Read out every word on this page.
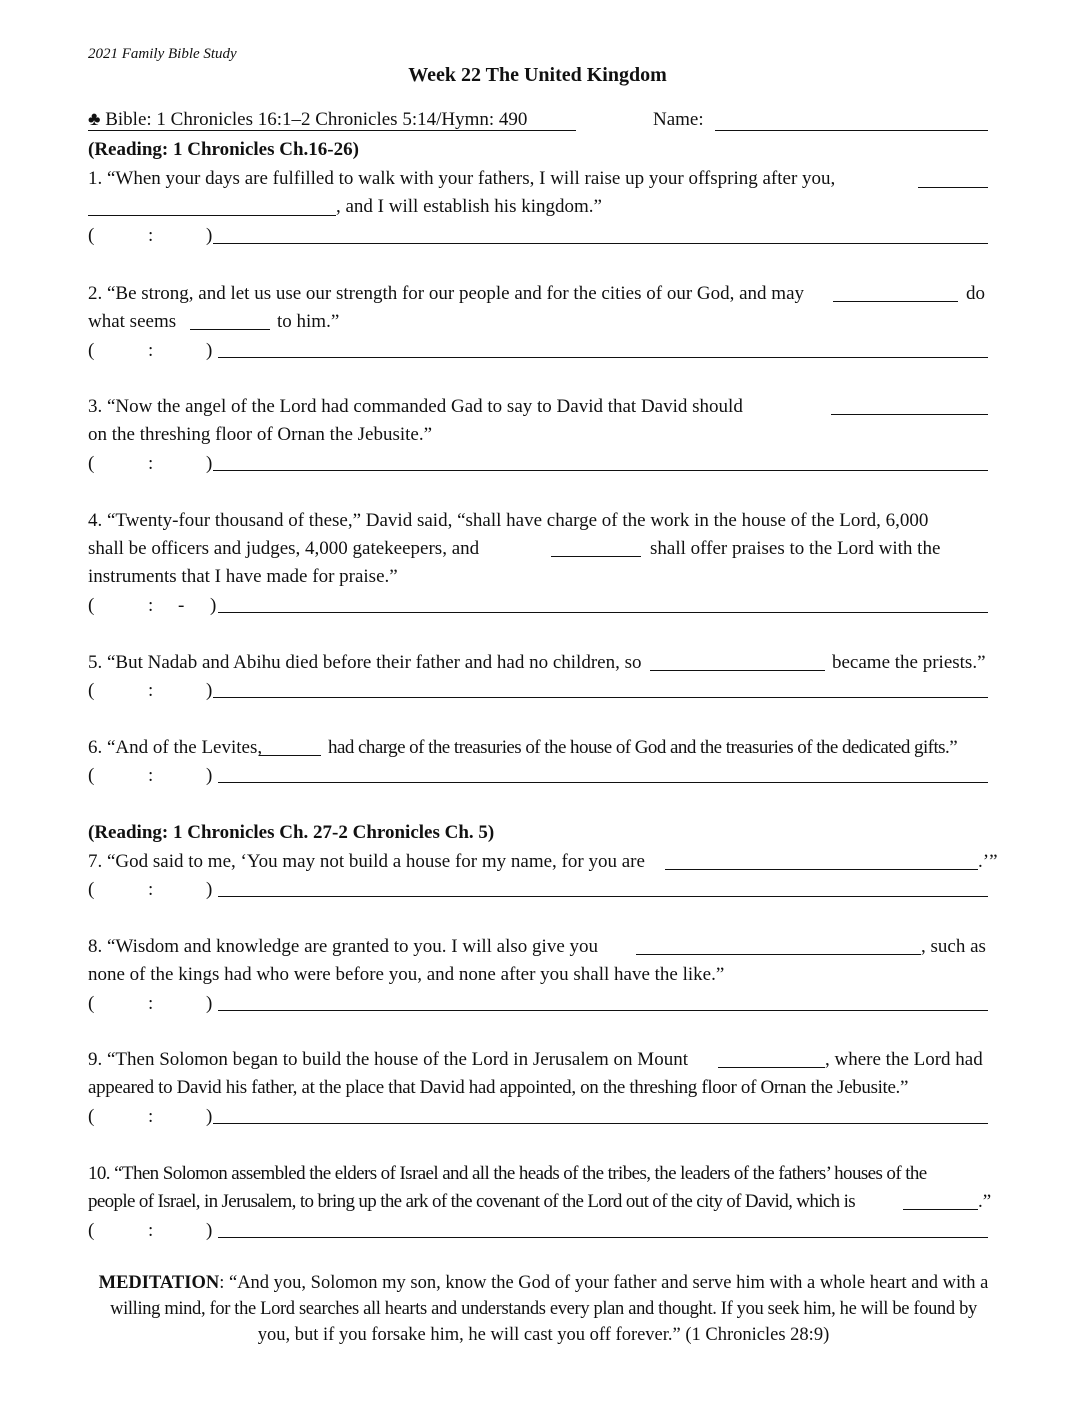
2021 Family Bible Study
Week 22 The United Kingdom
♣ Bible: 1 Chronicles 16:1–2 Chronicles 5:14/Hymn: 490	Name:
(Reading: 1 Chronicles Ch.16-26)
1. “When your days are fulfilled to walk with your fathers, I will raise up your offspring after you,
, and I will establish his kingdom.”
(	:	)
2. “Be strong, and let us use our strength for our people and for the cities of our God, and may	do
what seems	to him.”
(	:	)
3. “Now the angel of the Lord had commanded Gad to say to David that David should
on the threshing floor of Ornan the Jebusite.”
(	:	)
4. “Twenty-four thousand of these,” David said, “shall have charge of the work in the house of the Lord, 6,000
shall be officers and judges, 4,000 gatekeepers, and	shall offer praises to the Lord with the
instruments that I have made for praise.”
(	: - )
5. “But Nadab and Abihu died before their father and had no children, so	became the priests.”
(	:	)
6. “And of the Levites,	had charge of the treasuries of the house of God and the treasuries of the dedicated gifts.”
(	:	)
(Reading: 1 Chronicles Ch. 27-2 Chronicles Ch. 5)
7. “God said to me, ‘You may not build a house for my name, for you are	.’”
(	:	)
8. “Wisdom and knowledge are granted to you. I will also give you	, such as
none of the kings had who were before you, and none after you shall have the like.”
(	:	)
9. “Then Solomon began to build the house of the Lord in Jerusalem on Mount	, where the Lord had
appeared to David his father, at the place that David had appointed, on the threshing floor of Ornan the Jebusite.”
(	:	)
10. “Then Solomon assembled the elders of Israel and all the heads of the tribes, the leaders of the fathers’ houses of the
people of Israel, in Jerusalem, to bring up the ark of the covenant of the Lord out of the city of David, which is	.”
(	:	)
MEDITATION: “And you, Solomon my son, know the God of your father and serve him with a whole heart and with a
willing mind, for the Lord searches all hearts and understands every plan and thought. If you seek him, he will be found by
you, but if you forsake him, he will cast you off forever.” (1 Chronicles 28:9)
